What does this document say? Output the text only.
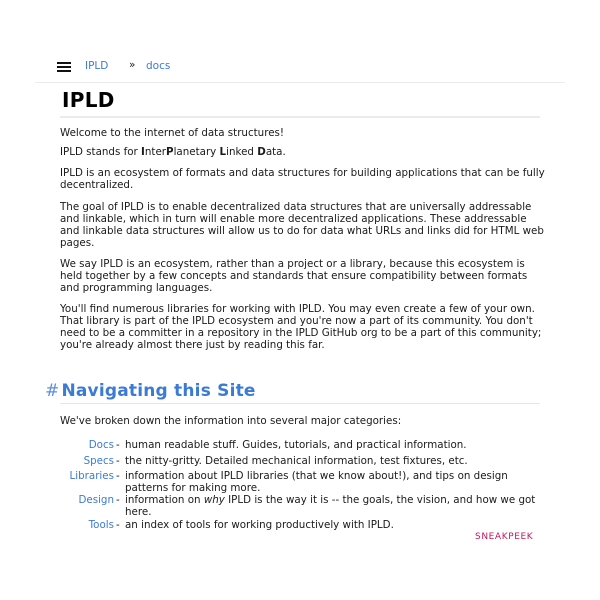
IPLD » docs
IPLD

Welcome to the internet of data structures!

IPLD stands for InterPlanetary Linked Data.

IPLD is an ecosystem of formats and data structures for building applications that can be fully decentralized.

The goal of IPLD is to enable decentralized data structures that are universally addressable and linkable, which in turn will enable more decentralized applications. These addressable and linkable data structures will allow us to do for data what URLs and links did for HTML web pages.

We say IPLD is an ecosystem, rather than a project or a library, because this ecosystem is held together by a few concepts and standards that ensure compatibility between formats and programming languages.

You'll find numerous libraries for working with IPLD. You may even create a few of your own. That library is part of the IPLD ecosystem and you're now a part of its community. You don't need to be a committer in a repository in the IPLD GitHub org to be a part of this community; you're already almost there just by reading this far.

# Navigating this Site

We've broken down the information into several major categories:

Docs - human readable stuff. Guides, tutorials, and practical information.
Specs - the nitty-gritty. Detailed mechanical information, test fixtures, etc.
Libraries - information about IPLD libraries (that we know about!), and tips on design patterns for making more.
Design - information on why IPLD is the way it is -- the goals, the vision, and how we got here.
Tools - an index of tools for working productively with IPLD.
SNEAKPEEK
